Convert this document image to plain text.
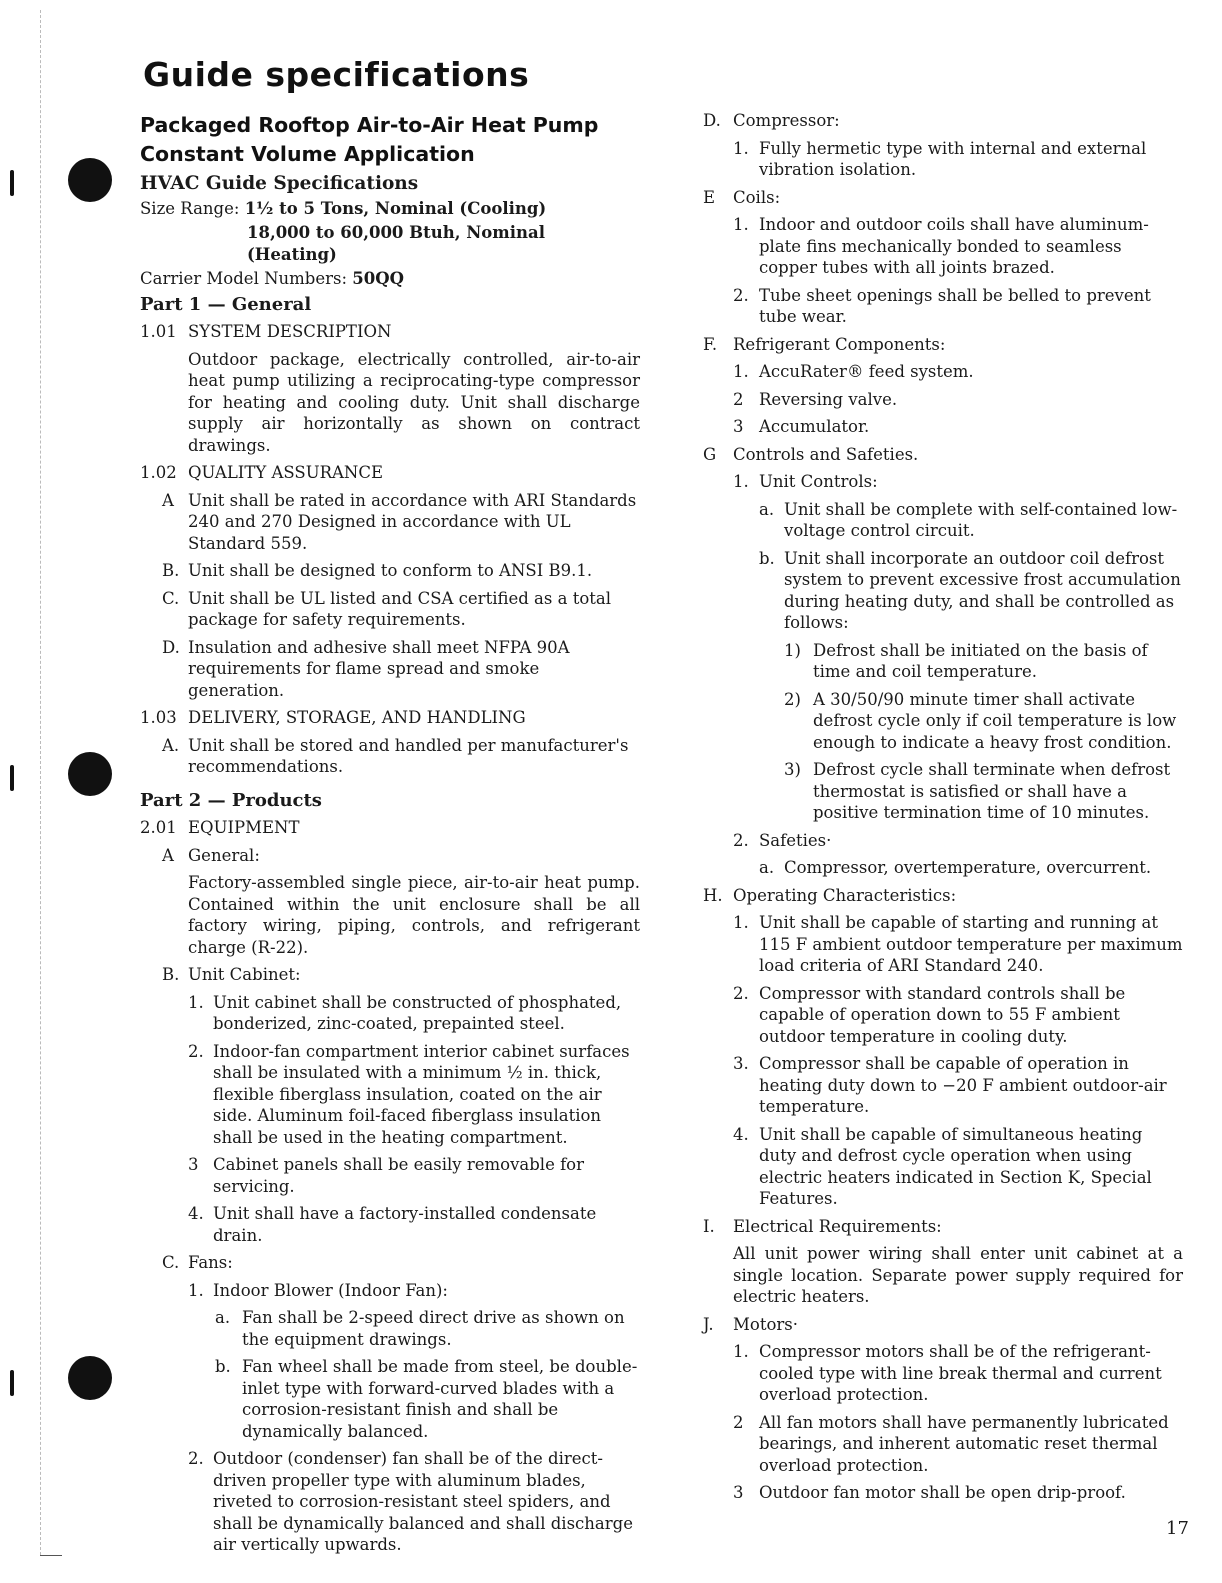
Guide specifications
Packaged Rooftop Air-to-Air Heat Pump
Constant Volume Application
HVAC Guide Specifications
Size Range: 1½ to 5 Tons, Nominal (Cooling)
18,000 to 60,000 Btuh, Nominal (Heating)
Carrier Model Numbers: 50QQ
Part 1 — General
1.01 SYSTEM DESCRIPTION
Outdoor package, electrically controlled, air-to-air heat pump utilizing a reciprocating-type compressor for heating and cooling duty. Unit shall discharge supply air horizontally as shown on contract drawings.
1.02 QUALITY ASSURANCE
A Unit shall be rated in accordance with ARI Standards 240 and 270 Designed in accordance with UL Standard 559.
B. Unit shall be designed to conform to ANSI B9.1.
C. Unit shall be UL listed and CSA certified as a total package for safety requirements.
D. Insulation and adhesive shall meet NFPA 90A requirements for flame spread and smoke generation.
1.03 DELIVERY, STORAGE, AND HANDLING
A. Unit shall be stored and handled per manufacturer's recommendations.
Part 2 — Products
2.01 EQUIPMENT
A General:
Factory-assembled single piece, air-to-air heat pump. Contained within the unit enclosure shall be all factory wiring, piping, controls, and refrigerant charge (R-22).
B. Unit Cabinet:
1. Unit cabinet shall be constructed of phosphated, bonderized, zinc-coated, prepainted steel.
2. Indoor-fan compartment interior cabinet surfaces shall be insulated with a minimum ½ in. thick, flexible fiberglass insulation, coated on the air side. Aluminum foil-faced fiberglass insulation shall be used in the heating compartment.
3 Cabinet panels shall be easily removable for servicing.
4. Unit shall have a factory-installed condensate drain.
C. Fans:
1. Indoor Blower (Indoor Fan):
a. Fan shall be 2-speed direct drive as shown on the equipment drawings.
b. Fan wheel shall be made from steel, be double-inlet type with forward-curved blades with a corrosion-resistant finish and shall be dynamically balanced.
2. Outdoor (condenser) fan shall be of the direct-driven propeller type with aluminum blades, riveted to corrosion-resistant steel spiders, and shall be dynamically balanced and shall discharge air vertically upwards.
D. Compressor:
1. Fully hermetic type with internal and external vibration isolation.
E	Coils:
1. Indoor and outdoor coils shall have aluminum-plate fins mechanically bonded to seamless copper tubes with all joints brazed.
2. Tube sheet openings shall be belled to prevent tube wear.
F. Refrigerant Components:
1. AccuRater® feed system.
2 Reversing valve.
3 Accumulator.
G	Controls and Safeties.
1. Unit Controls:
a. Unit shall be complete with self-contained low-voltage control circuit.
b. Unit shall incorporate an outdoor coil defrost system to prevent excessive frost accumulation during heating duty, and shall be controlled as follows:
1) Defrost shall be initiated on the basis of time and coil temperature.
2) A 30/50/90 minute timer shall activate defrost cycle only if coil temperature is low enough to indicate a heavy frost condition.
3) Defrost cycle shall terminate when defrost thermostat is satisfied or shall have a positive termination time of 10 minutes.
2. Safeties·
a. Compressor, overtemperature, overcurrent.
H. Operating Characteristics:
1. Unit shall be capable of starting and running at 115 F ambient outdoor temperature per maximum load criteria of ARI Standard 240.
2. Compressor with standard controls shall be capable of operation down to 55 F ambient outdoor temperature in cooling duty.
3. Compressor shall be capable of operation in heating duty down to −20 F ambient outdoor-air temperature.
4. Unit shall be capable of simultaneous heating duty and defrost cycle operation when using electric heaters indicated in Section K, Special Features.
I.	Electrical Requirements:
All unit power wiring shall enter unit cabinet at a single location. Separate power supply required for electric heaters.
J.	Motors·
1. Compressor motors shall be of the refrigerant-cooled type with line break thermal and current overload protection.
2 All fan motors shall have permanently lubricated bearings, and inherent automatic reset thermal overload protection.
3 Outdoor fan motor shall be open drip-proof.
17
